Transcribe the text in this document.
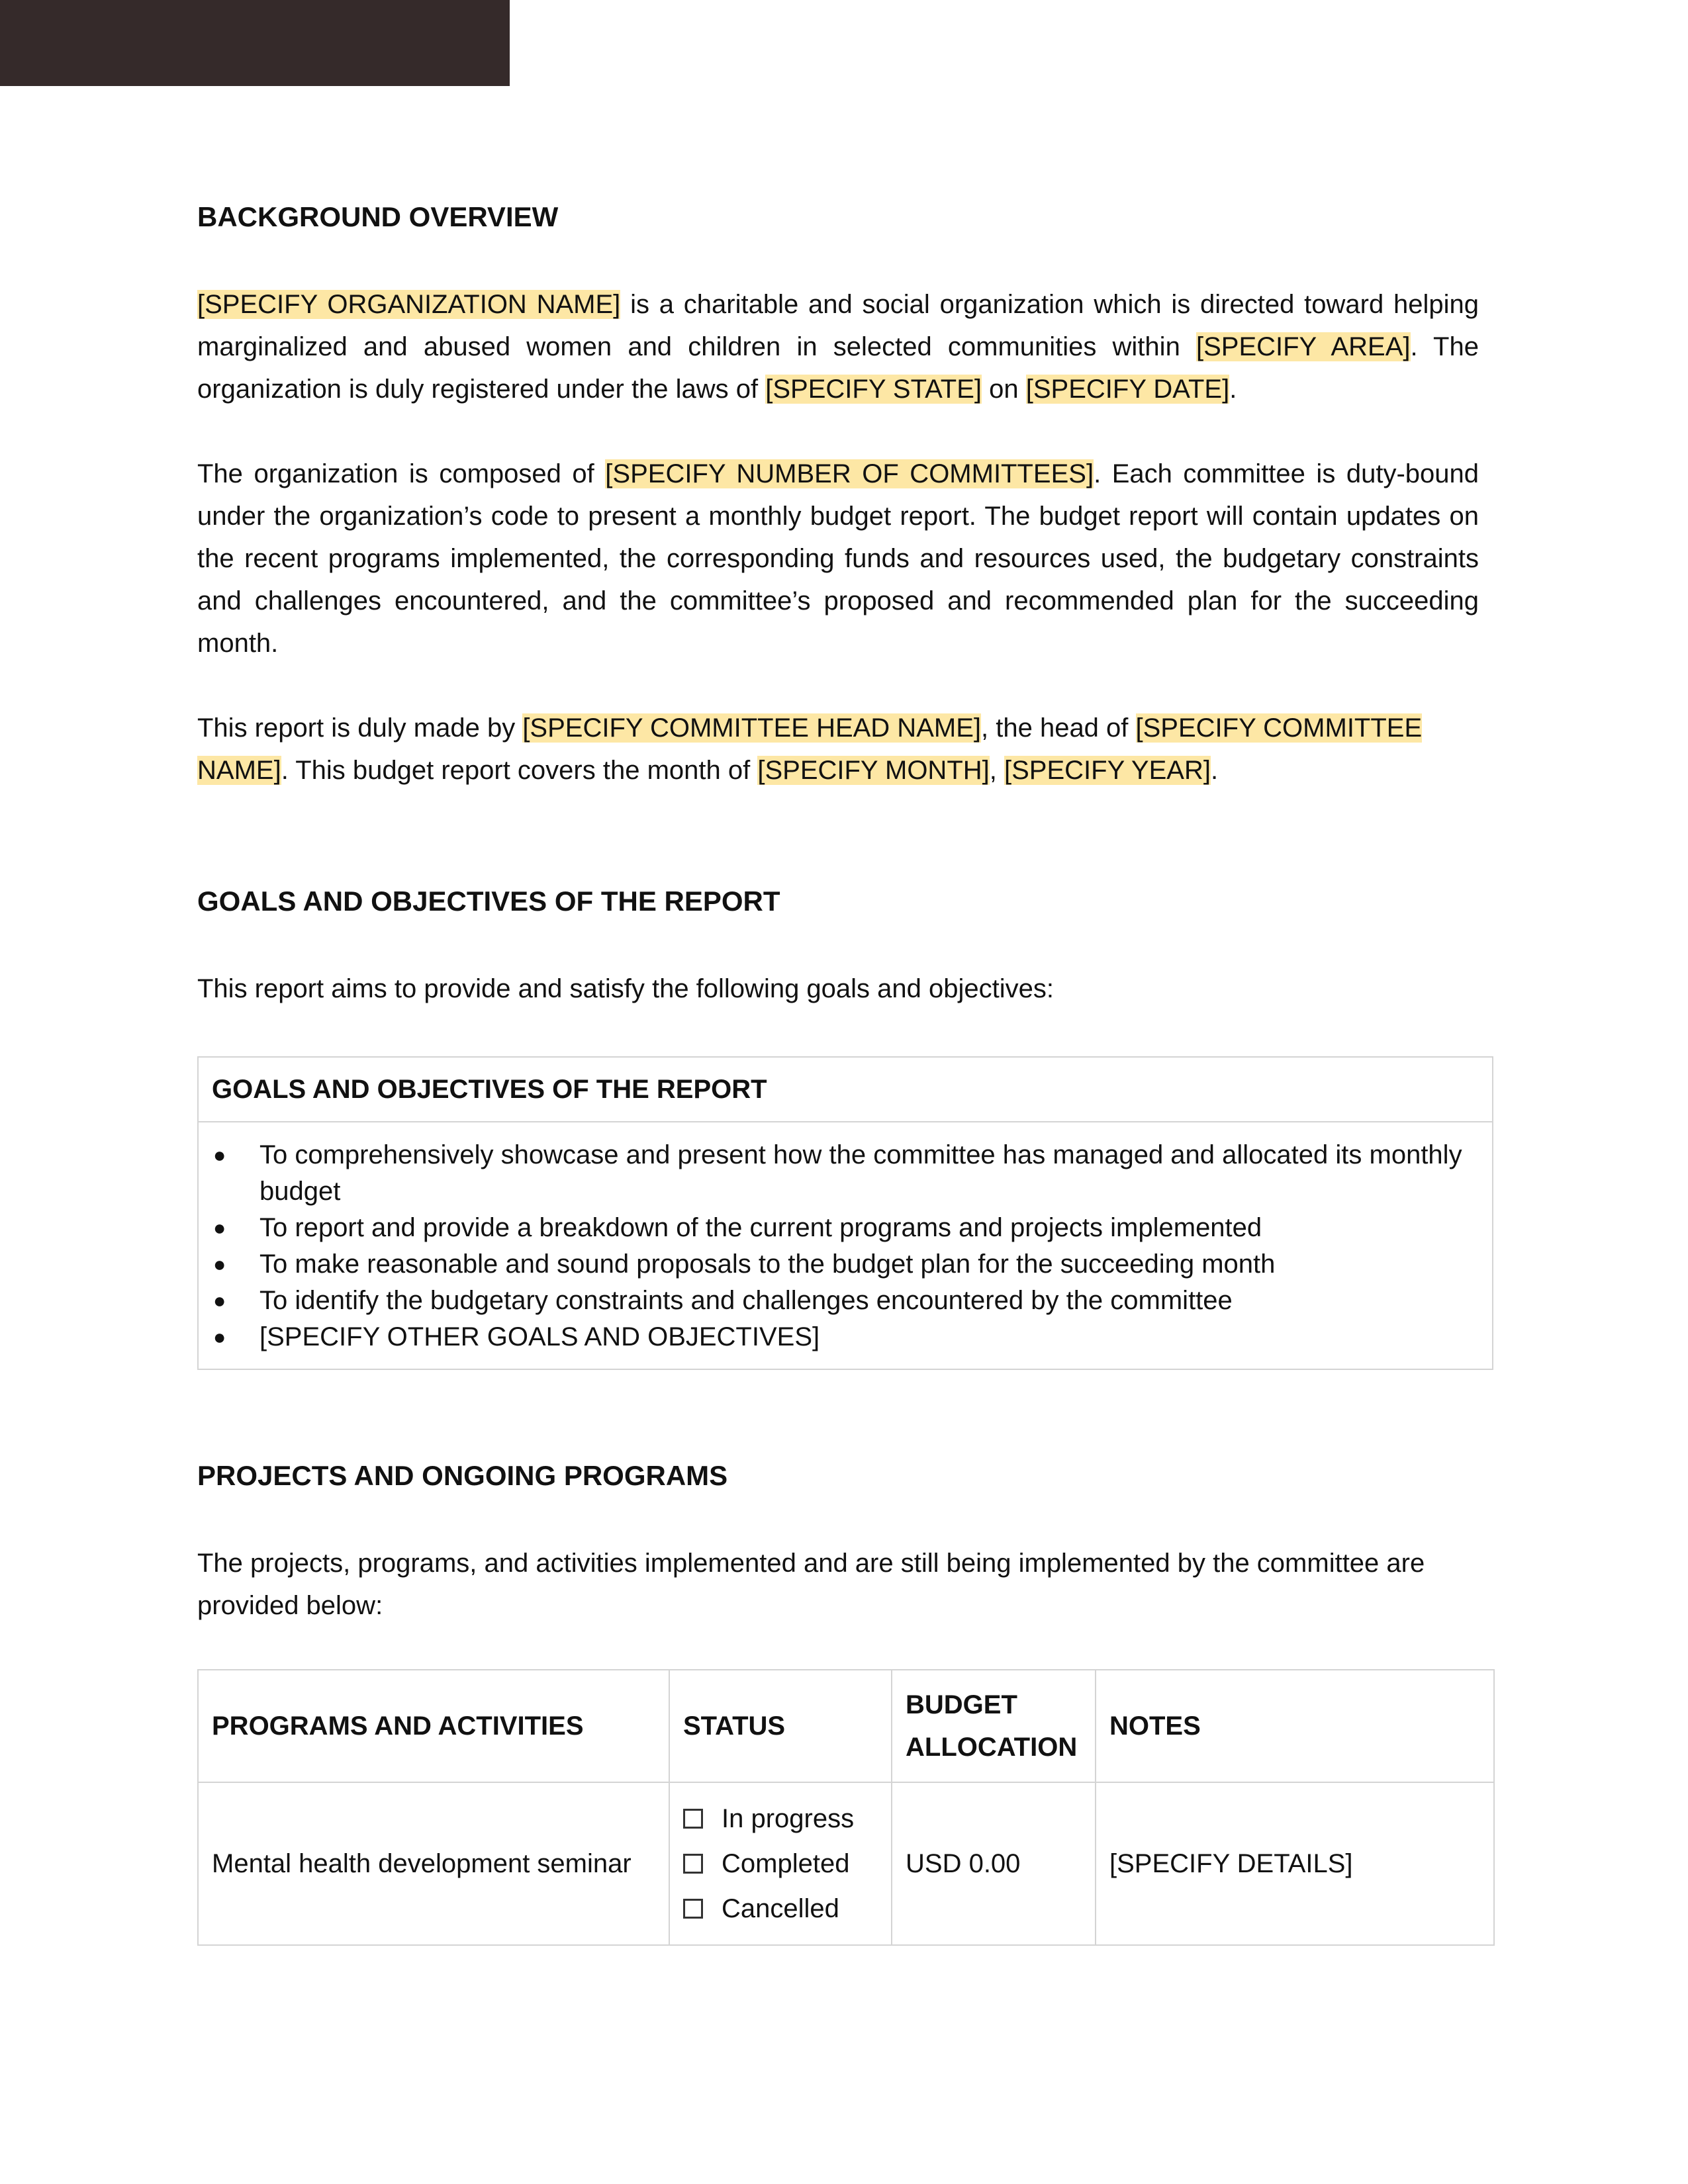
BACKGROUND OVERVIEW

[SPECIFY ORGANIZATION NAME] is a charitable and social organization which is directed toward helping marginalized and abused women and children in selected communities within [SPECIFY AREA]. The organization is duly registered under the laws of [SPECIFY STATE] on [SPECIFY DATE].

The organization is composed of [SPECIFY NUMBER OF COMMITTEES]. Each committee is duty-bound under the organization’s code to present a monthly budget report. The budget report will contain updates on the recent programs implemented, the corresponding funds and resources used, the budgetary constraints and challenges encountered, and the committee’s proposed and recommended plan for the succeeding month.

This report is duly made by [SPECIFY COMMITTEE HEAD NAME], the head of [SPECIFY COMMITTEE NAME]. This budget report covers the month of [SPECIFY MONTH], [SPECIFY YEAR].

GOALS AND OBJECTIVES OF THE REPORT

This report aims to provide and satisfy the following goals and objectives:

GOALS AND OBJECTIVES OF THE REPORT

● To comprehensively showcase and present how the committee has managed and allocated its monthly budget
● To report and provide a breakdown of the current programs and projects implemented
● To make reasonable and sound proposals to the budget plan for the succeeding month
● To identify the budgetary constraints and challenges encountered by the committee
● [SPECIFY OTHER GOALS AND OBJECTIVES]
PROJECTS AND ONGOING PROGRAMS

The projects, programs, and activities implemented and are still being implemented by the committee are provided below:

PROGRAMS AND ACTIVITIES	STATUS	BUDGET ALLOCATION	NOTES
Mental health development seminar	In progress
Completed
Cancelled	USD 0.00	[SPECIFY DETAILS]
